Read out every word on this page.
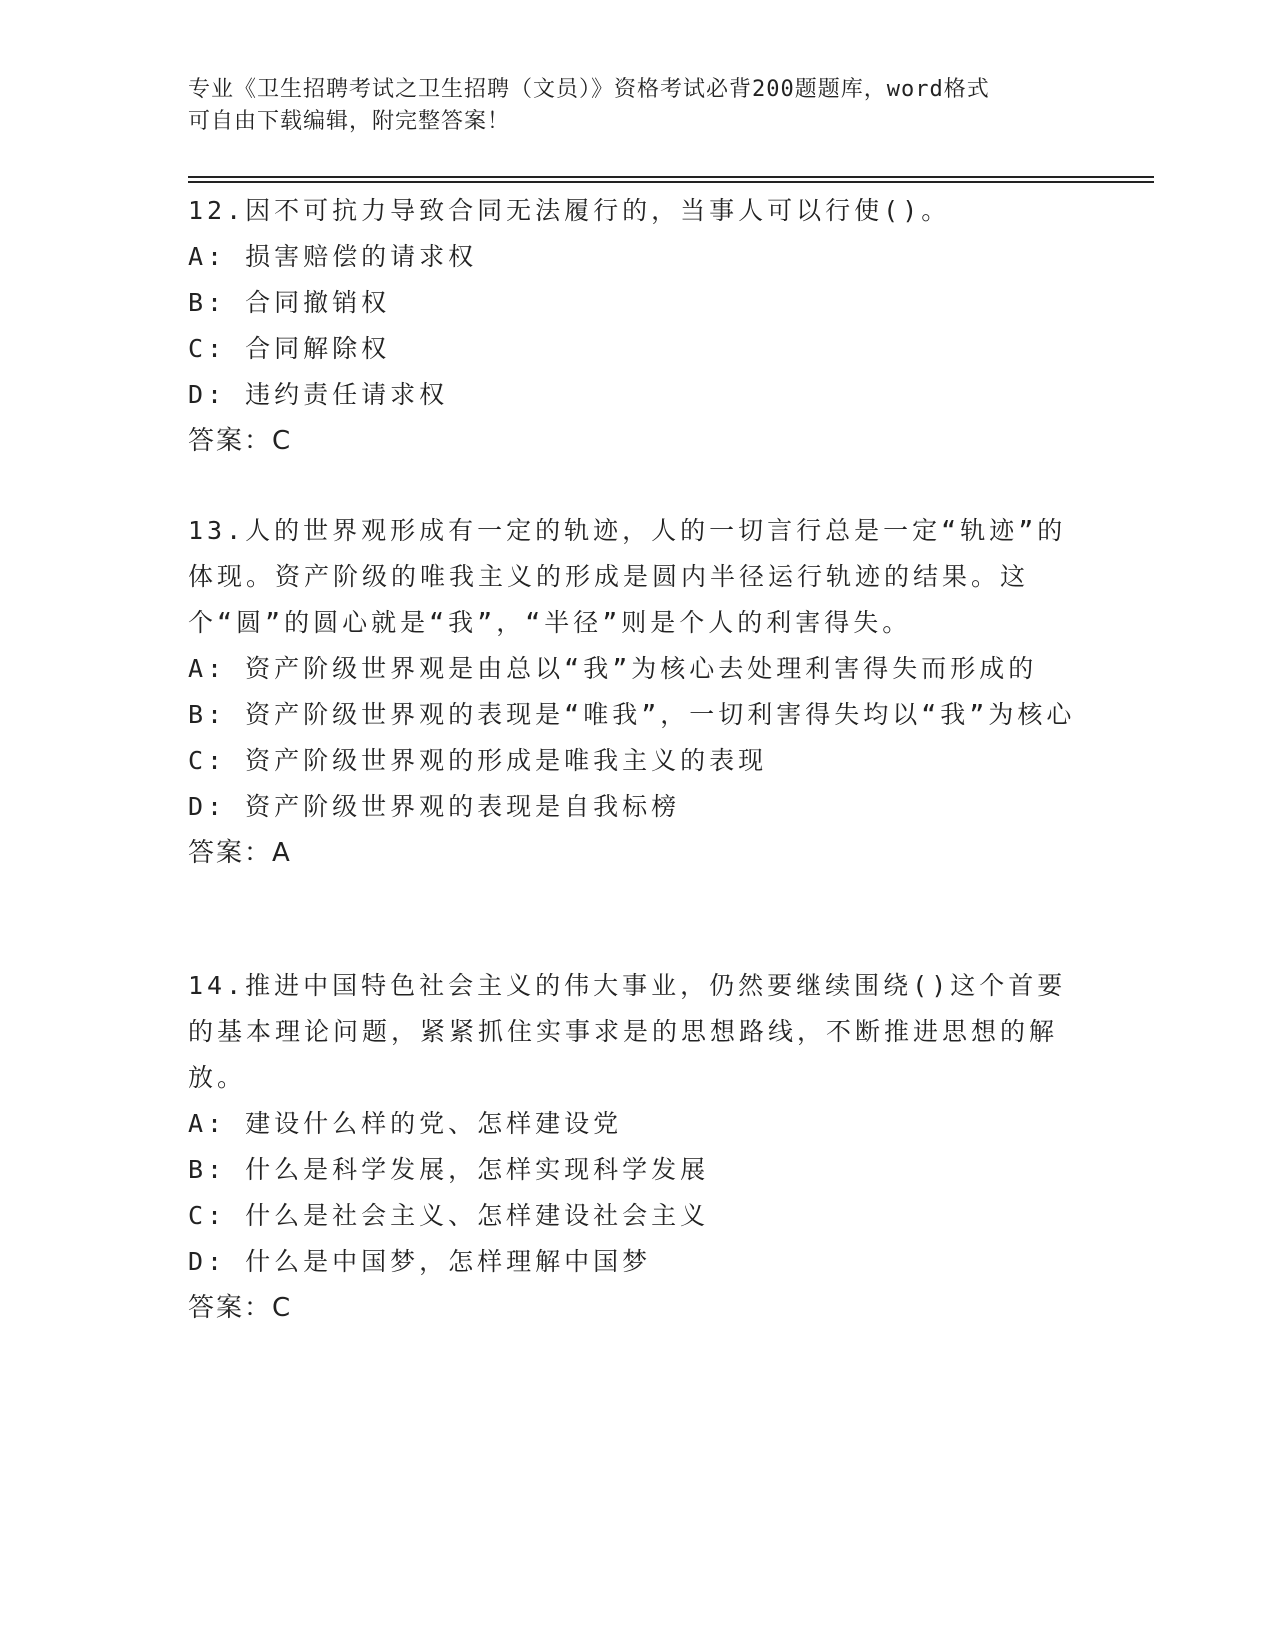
专业《卫生招聘考试之卫生招聘（文员）》资格考试必背200题题库，word格式
可自由下载编辑，附完整答案！
12.因不可抗力导致合同无法履行的，当事人可以行使()。
A: 损害赔偿的请求权
B: 合同撤销权
C: 合同解除权
D: 违约责任请求权
答案：C
13.人的世界观形成有一定的轨迹，人的一切言行总是一定“轨迹”的体现。资产阶级的唯我主义的形成是圆内半径运行轨迹的结果。这个“圆”的圆心就是“我”，“半径”则是个人的利害得失。
A: 资产阶级世界观是由总以“我”为核心去处理利害得失而形成的
B: 资产阶级世界观的表现是“唯我”，一切利害得失均以“我”为核心
C: 资产阶级世界观的形成是唯我主义的表现
D: 资产阶级世界观的表现是自我标榜
答案：A
14.推进中国特色社会主义的伟大事业，仍然要继续围绕()这个首要的基本理论问题，紧紧抓住实事求是的思想路线，不断推进思想的解放。
A: 建设什么样的党、怎样建设党
B: 什么是科学发展，怎样实现科学发展
C: 什么是社会主义、怎样建设社会主义
D: 什么是中国梦，怎样理解中国梦
答案：C
